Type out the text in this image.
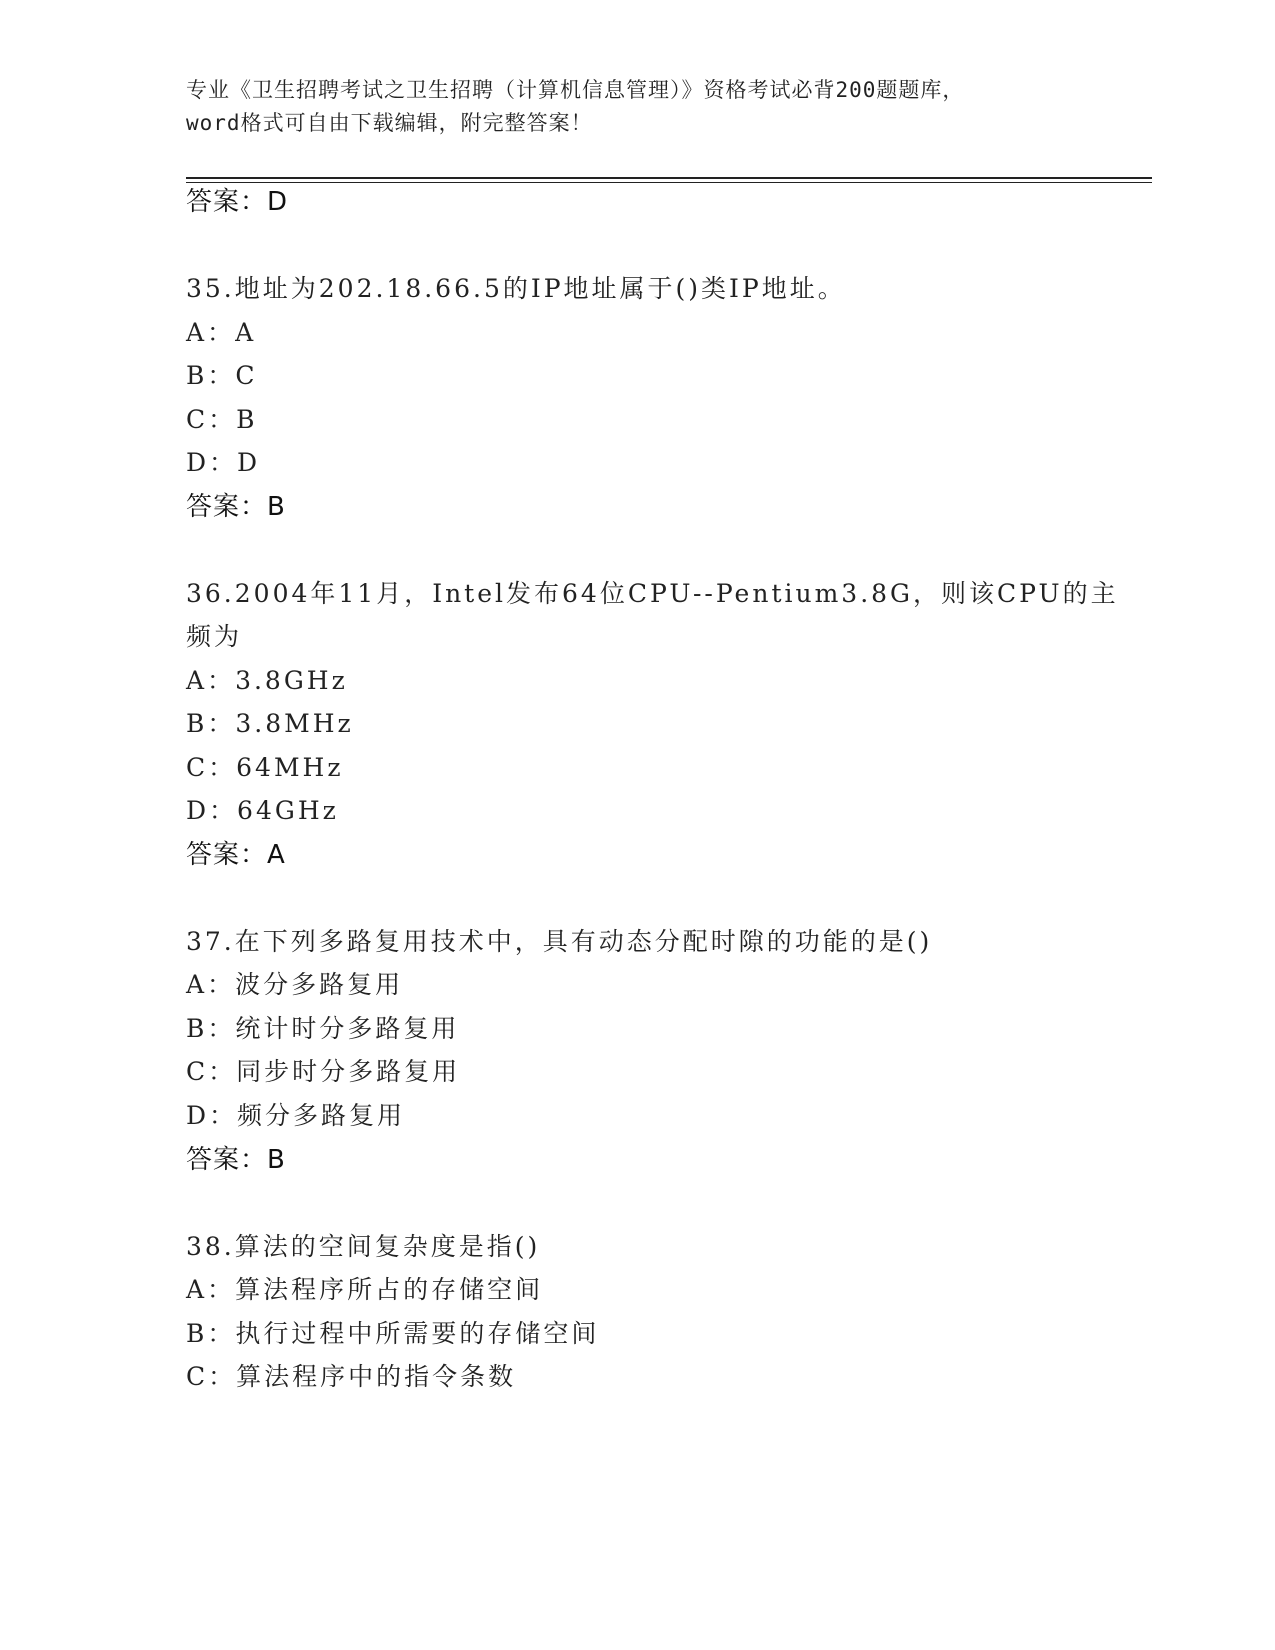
专业《卫生招聘考试之卫生招聘（计算机信息管理）》资格考试必背200题题库，

word格式可自由下载编辑，附完整答案！

答案：D
35.地址为202.18.66.5的IP地址属于()类IP地址。
A：A
B：C
C：B
D：D
答案：B
36.2004年11月，Intel发布64位CPU--Pentium3.8G，则该CPU的主
频为
A：3.8GHz
B：3.8MHz
C：64MHz
D：64GHz
答案：A
37.在下列多路复用技术中，具有动态分配时隙的功能的是()
A：波分多路复用
B：统计时分多路复用
C：同步时分多路复用
D：频分多路复用
答案：B
38.算法的空间复杂度是指()
A：算法程序所占的存储空间
B：执行过程中所需要的存储空间
C：算法程序中的指令条数
